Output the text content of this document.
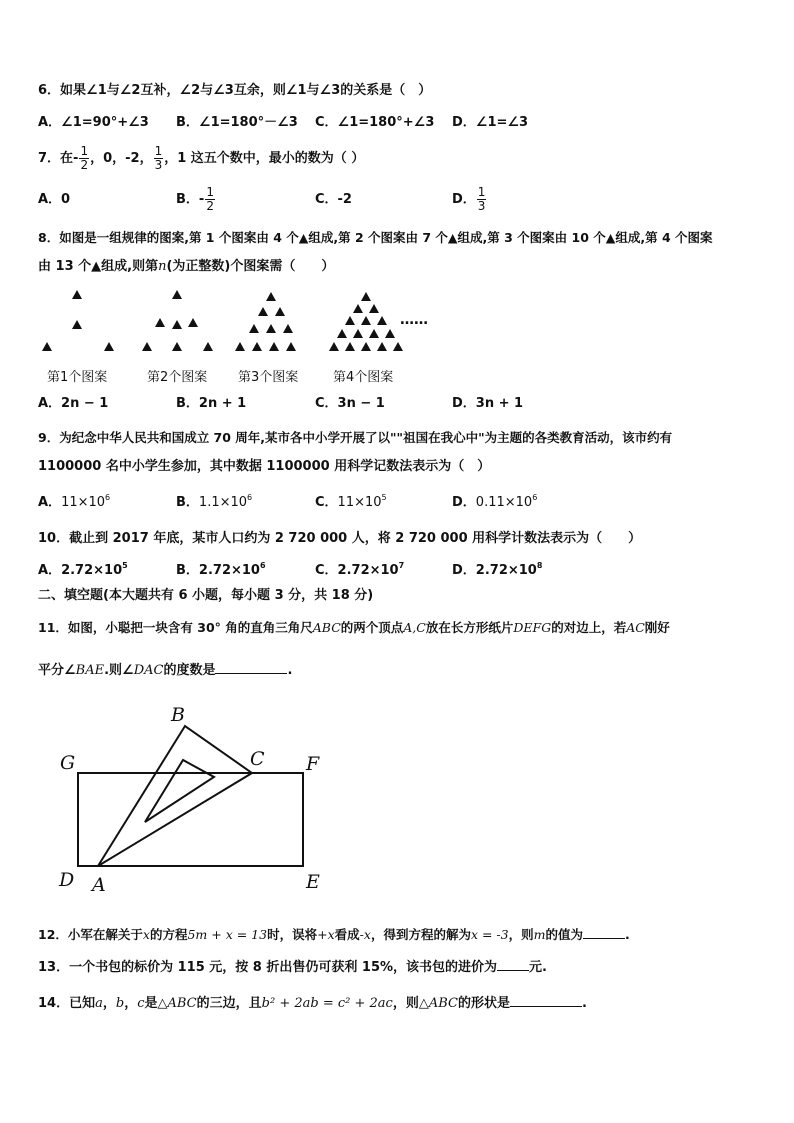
6．如果∠1与∠2互补，∠2与∠3互余，则∠1与∠3的关系是（　）
A．∠1=90°+∠3 B．∠1=180°－∠3 C．∠1=180°+∠3 D．∠1=∠3
7．在- $\frac{1}{2}$ ，0，-2， $\frac{1}{3}$ ，1 这五个数中，最小的数为（ ）
A．0	B．- $\frac{1}{2}$	C．-2	D． $\frac{1}{3}$
8．如图是一组规律的图案,第 1 个图案由 4 个▲组成,第 2 个图案由 7 个▲组成,第 3 个图案由 10 个▲组成,第 4 个图案
由 13 个▲组成,则第n(为正整数)个图案需（　　）
……
第1个图案	第2个图案 第3个图案	第4个图案
A．2n − 1	B．2n + 1	C．3n − 1	D．3n + 1
9．为纪念中华人民共和国成立 70 周年,某市各中小学开展了以""祖国在我心中"为主题的各类教育活动，该市约有
1100000 名中小学生参加，其中数据 1100000 用科学记数法表示为（　）
A．$11\times 10^6$	B．$1.1\times 10^6$	C．$11\times 10^5$	D．$0.11\times 10^6$
10．截止到 2017 年底，某市人口约为 2 720 000 人，将 2 720 000 用科学计数法表示为（　　）
A．$2.72\times 10^5$	B．$2.72\times 10^6$	C．$2.72\times 10^7$	D．$2.72\times 10^8$
二、填空题(本大题共有 6 小题，每小题 3 分，共 18 分)
11．如图，小聪把一块含有 30° 角的直角三角尺ABC的两个顶点A,C放在长方形纸片DEFG的对边上，若AC刚好
平分∠BAE.则∠DAC的度数是	.
B
C
G	F
D A	E
12．小军在解关于x的方程5m + x = 13时，误将+x看成-x，得到方程的解为x = -3，则m的值为	.
13．一个书包的标价为 115 元，按 8 折出售仍可获利 15%，该书包的进价为 元.
14．已知a，b，c是△ABC的三边，且b² + 2ab = c² + 2ac，则△ABC的形状是	.
